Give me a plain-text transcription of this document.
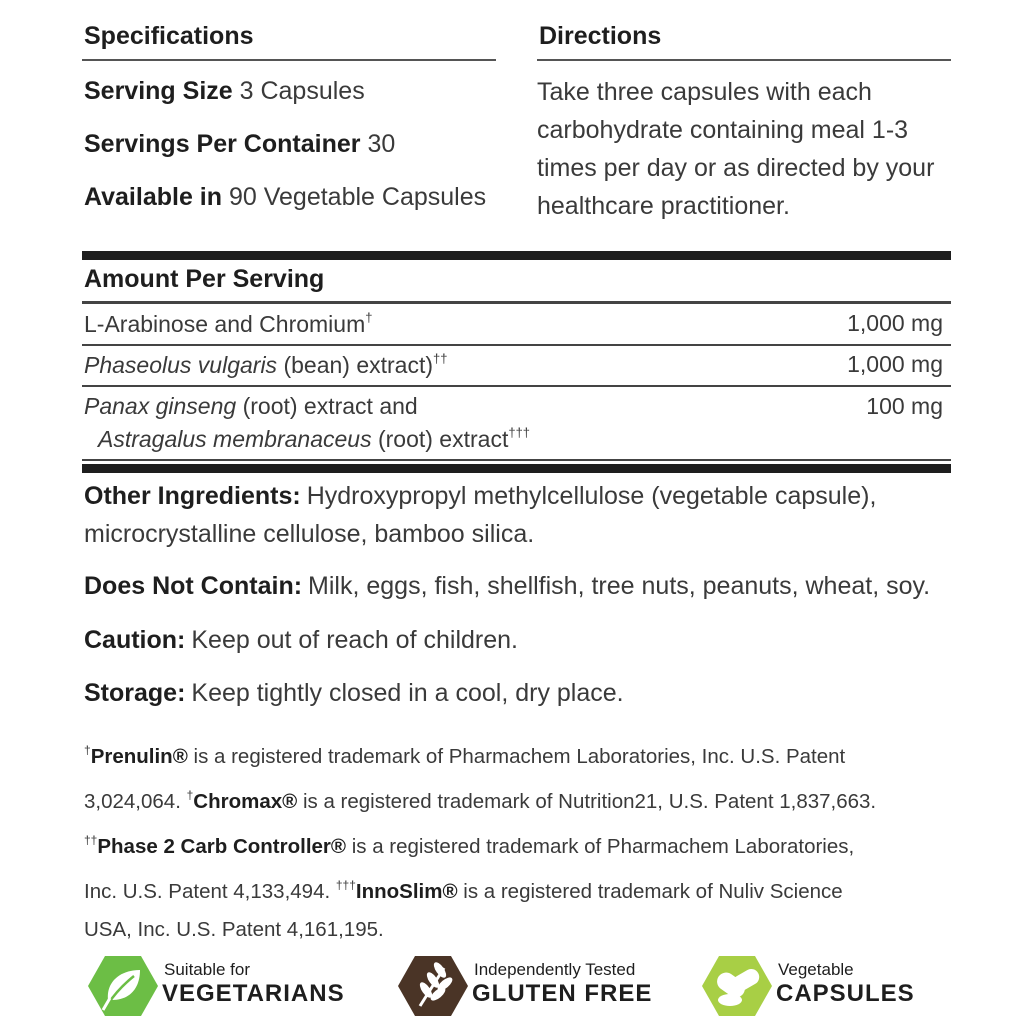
Specifications
Serving Size 3 Capsules
Servings Per Container 30
Available in 90 Vegetable Capsules
Directions
Take three capsules with each carbohydrate containing meal 1-3 times per day or as directed by your healthcare practitioner.
Amount Per Serving
L-Arabinose and Chromium†	1,000 mg
Phaseolus vulgaris (bean) extract)††	1,000 mg
Panax ginseng (root) extract and
Astragalus membranaceus (root) extract†††
100 mg
Other Ingredients: Hydroxypropyl methylcellulose (vegetable capsule), microcrystalline cellulose, bamboo silica.
Does Not Contain: Milk, eggs, fish, shellfish, tree nuts, peanuts, wheat, soy.
Caution: Keep out of reach of children.
Storage: Keep tightly closed in a cool, dry place.
†Prenulin® is a registered trademark of Pharmachem Laboratories, Inc. U.S. Patent 3,024,064. †Chromax® is a registered trademark of Nutrition21, U.S. Patent 1,837,663. ††Phase 2 Carb Controller® is a registered trademark of Pharmachem Laboratories, Inc. U.S. Patent 4,133,494. †††InnoSlim® is a registered trademark of Nuliv Science USA, Inc. U.S. Patent 4,161,195.
Suitable for
VEGETARIANS
Independently Tested
GLUTEN FREE
Vegetable
CAPSULES
